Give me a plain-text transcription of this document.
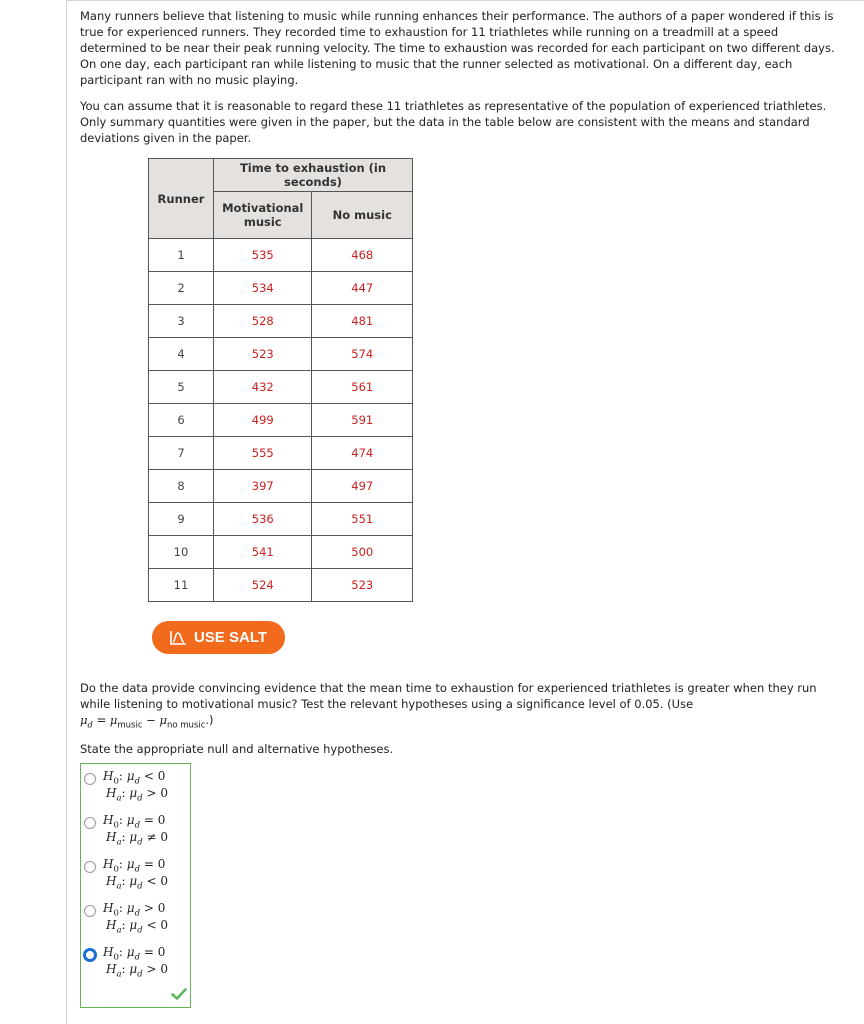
Many runners believe that listening to music while running enhances their performance. The authors of a paper wondered if this is true for experienced runners. They recorded time to exhaustion for 11 triathletes while running on a treadmill at a speed determined to be near their peak running velocity. The time to exhaustion was recorded for each participant on two different days. On one day, each participant ran while listening to music that the runner selected as motivational. On a different day, each participant ran with no music playing.

You can assume that it is reasonable to regard these 11 triathletes as representative of the population of experienced triathletes. Only summary quantities were given in the paper, but the data in the table below are consistent with the means and standard deviations given in the paper.

Runner	Time to exhaustion (in seconds)	
	Motivational music	No music
1	535	468
2	534	447
3	528	481
4	523	574
5	432	561
6	499	591
7	555	474
8	397	497
9	536	551
10	541	500
11	524	523
USE SALT
Do the data provide convincing evidence that the mean time to exhaustion for experienced triathletes is greater when they run
while listening to motivational music? Test the relevant hypotheses using a significance level of 0.05. (Use
$\mu_d = \mu_{music} - \mu_{no music}$.)
State the appropriate null and alternative hypotheses.
$H_0$: $\mu_d < 0$
$H_a$: $\mu_d > 0$
$H_0$: $\mu_d = 0$
$H_a$: $\mu_d \ne 0$
$H_0$: $\mu_d = 0$
$H_a$: $\mu_d < 0$
$H_0$: $\mu_d > 0$
$H_a$: $\mu_d < 0$
$H_0$: $\mu_d = 0$
$H_a$: $\mu_d > 0$
